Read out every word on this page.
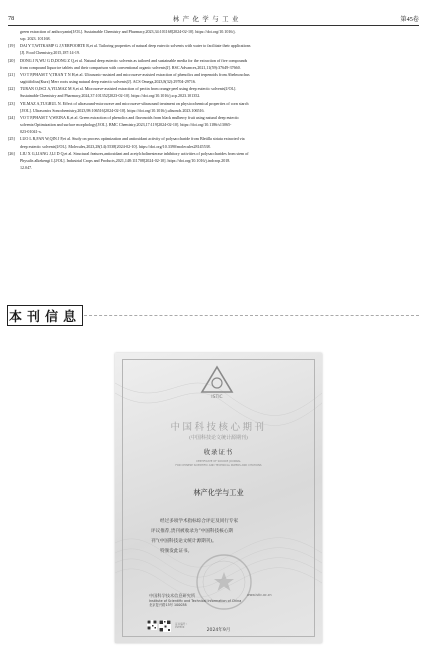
78	林产化学与工业	第45卷
green extraction of anthocyanin[J/OL]. Sustainable Chemistry and Pharmacy,2023,34:101168[2024-02-10]. https://doi.org/10.1016/j.
scp. 2023. 101168.
[19]	DAI Y T,WITKAMP G J,VERPOORTE R,et al. Tailoring properties of natural deep eutectic solvents with water to facilitate their applications
[J]. Food Chemistry,2015,187:14-19.
[20]	DONG J N,WU G D,DONG Z Q,et al. Natural deep eutectic solvents as tailored and sustainable media for the extraction of five compounds
from compound liquorice tablets and their comparison with conventional organic solvents[J]. RSC Advances,2021,11(59):37649-37660.
[21]	VO T P,PHAM T V,TRAN T N H,et al. Ultrasonic-assisted and microwave-assisted extraction of phenolics and terpenoids from Abelmoschus
sagittifolius(Kurz) Merr roots using natural deep eutectic solvents[J]. ACS Omega,2023,8(32):29704-29716.
[22]	TURAN O,ISCI A,YILMAZ M S,et al. Microwave-assisted extraction of pectin from orange peel using deep eutectic solvents[J/OL].
Sustainable Chemistry and Pharmacy,2024,37:101352[2023-02-10]. https://doi.org/10.1016/j.scp.2023.101352.
[23]	YILMAZ A,TUGRUL N. Effect of ultrasound-microwave and microwave-ultrasound treatment on physicochemical properties of corn starch
[J/OL]. Ultrasonics Sonochemistry,2023,98:106516[2024-02-10]. https://doi.org/10.1016/j.ultsonch.2023.106516.
[24]	VO T P,PHAM T V,WEINA K,et al. Green extraction of phenolics and flavonoids from black mulberry fruit using natural deep eutectic
solvents:Optimization and surface morphology[J/OL]. BMC Chemistry,2023,17:119[2024-02-10]. https://doi.org/10.1186/s13065-
023-01041-x.
[25]	LUO L R,FAN W,QIN J P,et al. Study on process optimization and antioxidant activity of polysaccharide from Bletilla striata extracted via
deep eutectic solvents[J/OL]. Molecules,2023,28(14):5538[2024-02-10]. https://doi.org/10.3390/molecules28145538.
[26]	LIU X G,LIANG J,LI D Q,et al. Structural features,antioxidant and acetylcholinesterase inhibitory activities of polysaccharides from stem of
Physalis alkekengi L[J/OL]. Industrial Crops and Products,2021,148:111708[2024-02-10]. https://doi.org/10.1016/j.indcrop.2018.
12.047.
本刊信息
ISTIC
中国科技核心期刊
(中国科技论文统计源期刊)
收录证书
CERTIFICATE OF SOURCE JOURNAL
FOR CHINESE SCIENTIFIC AND TECHNICAL PAPERS AND CITATIONS
林产化学与工业

经过多项学术指标综合评定及同行专家

评议推荐,贵刊被收录为“中国科技核心期
刊”(中国科技论文统计源期刊)。

特颁发此证书。

中国科学技术信息研究所
Institute of Scientific and Technical Information of China
北京复兴路15号 100038
www.istic.ac.cn
证书编号:
CSTPCD
2024年9月
